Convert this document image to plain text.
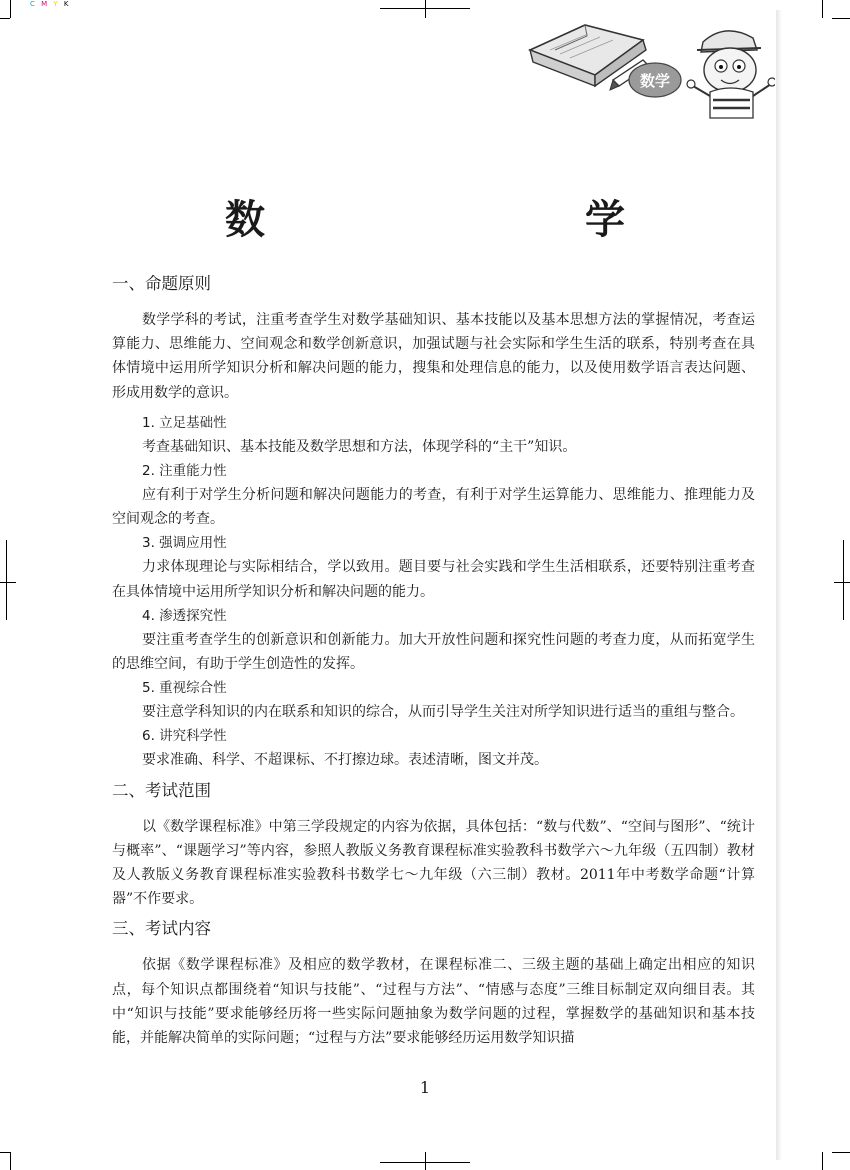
C M Y K
数学
数　　学
一、命题原则

数学学科的考试，注重考查学生对数学基础知识、基本技能以及基本思想方法的掌握情况，考查运算能力、思维能力、空间观念和数学创新意识，加强试题与社会实际和学生生活的联系，特别考查在具体情境中运用所学知识分析和解决问题的能力，搜集和处理信息的能力，以及使用数学语言表达问题、形成用数学的意识。

1. 立足基础性

考查基础知识、基本技能及数学思想和方法，体现学科的“主干”知识。

2. 注重能力性

应有利于对学生分析问题和解决问题能力的考查，有利于对学生运算能力、思维能力、推理能力及空间观念的考查。

3. 强调应用性

力求体现理论与实际相结合，学以致用。题目要与社会实践和学生生活相联系，还要特别注重考查在具体情境中运用所学知识分析和解决问题的能力。

4. 渗透探究性

要注重考查学生的创新意识和创新能力。加大开放性问题和探究性问题的考查力度，从而拓宽学生的思维空间，有助于学生创造性的发挥。

5. 重视综合性

要注意学科知识的内在联系和知识的综合，从而引导学生关注对所学知识进行适当的重组与整合。

6. 讲究科学性

要求准确、科学、不超课标、不打擦边球。表述清晰，图文并茂。

二、考试范围

以《数学课程标准》中第三学段规定的内容为依据，具体包括：“数与代数”、“空间与图形”、“统计与概率”、“课题学习”等内容，参照人教版义务教育课程标准实验教科书数学六～九年级（五四制）教材及人教版义务教育课程标准实验教科书数学七～九年级（六三制）教材。2011年中考数学命题“计算器”不作要求。

三、考试内容

依据《数学课程标准》及相应的数学教材，在课程标准二、三级主题的基础上确定出相应的知识点，每个知识点都围绕着“知识与技能”、“过程与方法”、“情感与态度”三维目标制定双向细目表。其中“知识与技能”要求能够经历将一些实际问题抽象为数学问题的过程，掌握数学的基础知识和基本技能，并能解决简单的实际问题；“过程与方法”要求能够经历运用数学知识描

1
